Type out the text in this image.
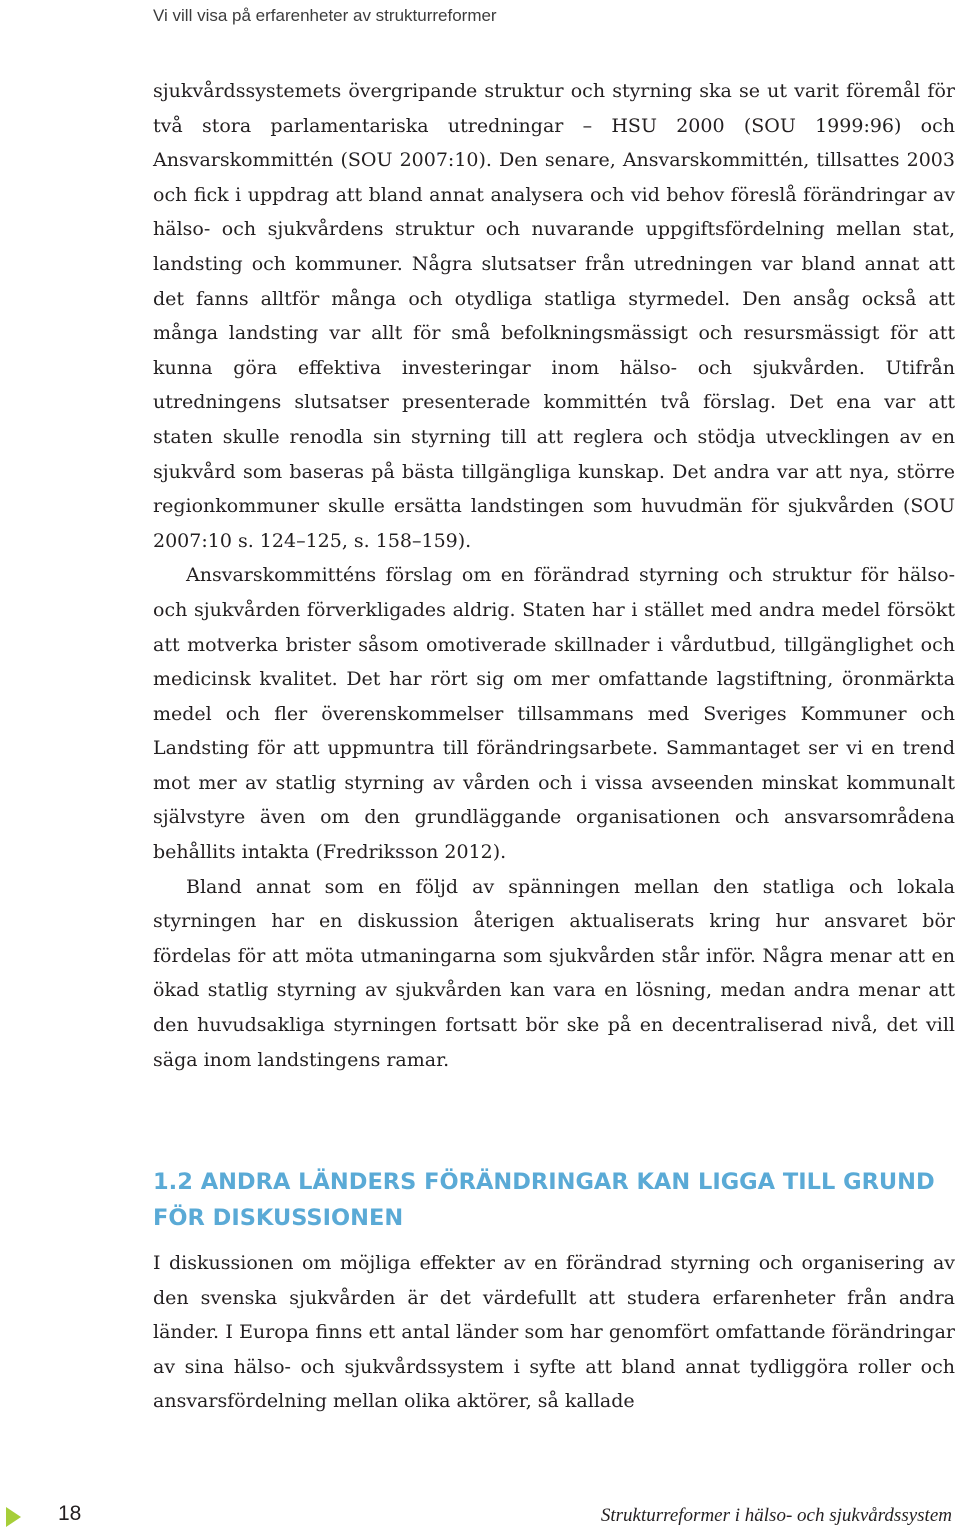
Vi vill visa på erfarenheter av strukturreformer

sjukvårdssystemets övergripande struktur och styrning ska se ut varit föremål för två stora parlamentariska utredningar – HSU 2000 (SOU 1999:96) och Ansvarskommittén (SOU 2007:10). Den senare, Ansvarskommittén, tillsattes 2003 och fick i uppdrag att bland annat analysera och vid behov föreslå förändringar av hälso- och sjukvårdens struktur och nuvarande uppgiftsfördelning mellan stat, landsting och kommuner. Några slutsatser från utredningen var bland annat att det fanns alltför många och otydliga statliga styrmedel. Den ansåg också att många landsting var allt för små befolkningsmässigt och resursmässigt för att kunna göra effektiva investeringar inom hälso- och sjukvården. Utifrån utredningens slutsatser presenterade kommittén två förslag. Det ena var att staten skulle renodla sin styrning till att reglera och stödja utvecklingen av en sjukvård som baseras på bästa tillgängliga kunskap. Det andra var att nya, större regionkommuner skulle ersätta landstingen som huvudmän för sjukvården (SOU 2007:10 s. 124–125, s. 158–159).

Ansvarskommitténs förslag om en förändrad styrning och struktur för hälso- och sjukvården förverkligades aldrig. Staten har i stället med andra medel försökt att motverka brister såsom omotiverade skillnader i vårdutbud, tillgänglighet och medicinsk kvalitet. Det har rört sig om mer omfattande lagstiftning, öronmärkta medel och fler överenskommelser tillsammans med Sveriges Kommuner och Landsting för att uppmuntra till förändringsarbete. Sammantaget ser vi en trend mot mer av statlig styrning av vården och i vissa avseenden minskat kommunalt självstyre även om den grundläggande organisationen och ansvarsområdena behållits intakta (Fredriksson 2012).

Bland annat som en följd av spänningen mellan den statliga och lokala styrningen har en diskussion återigen aktualiserats kring hur ansvaret bör fördelas för att möta utmaningarna som sjukvården står inför. Några menar att en ökad statlig styrning av sjukvården kan vara en lösning, medan andra menar att den huvudsakliga styrningen fortsatt bör ske på en decentraliserad nivå, det vill säga inom landstingens ramar.

1.2 ANDRA LÄNDERS FÖRÄNDRINGAR KAN LIGGA TILL GRUND FÖR DISKUSSIONEN

I diskussionen om möjliga effekter av en förändrad styrning och organisering av den svenska sjukvården är det värdefullt att studera erfarenheter från andra länder. I Europa finns ett antal länder som har genomfört omfattande förändringar av sina hälso- och sjukvårdssystem i syfte att bland annat tydliggöra roller och ansvarsfördelning mellan olika aktörer, så kallade

18	Strukturreformer i hälso- och sjukvårdssystem
